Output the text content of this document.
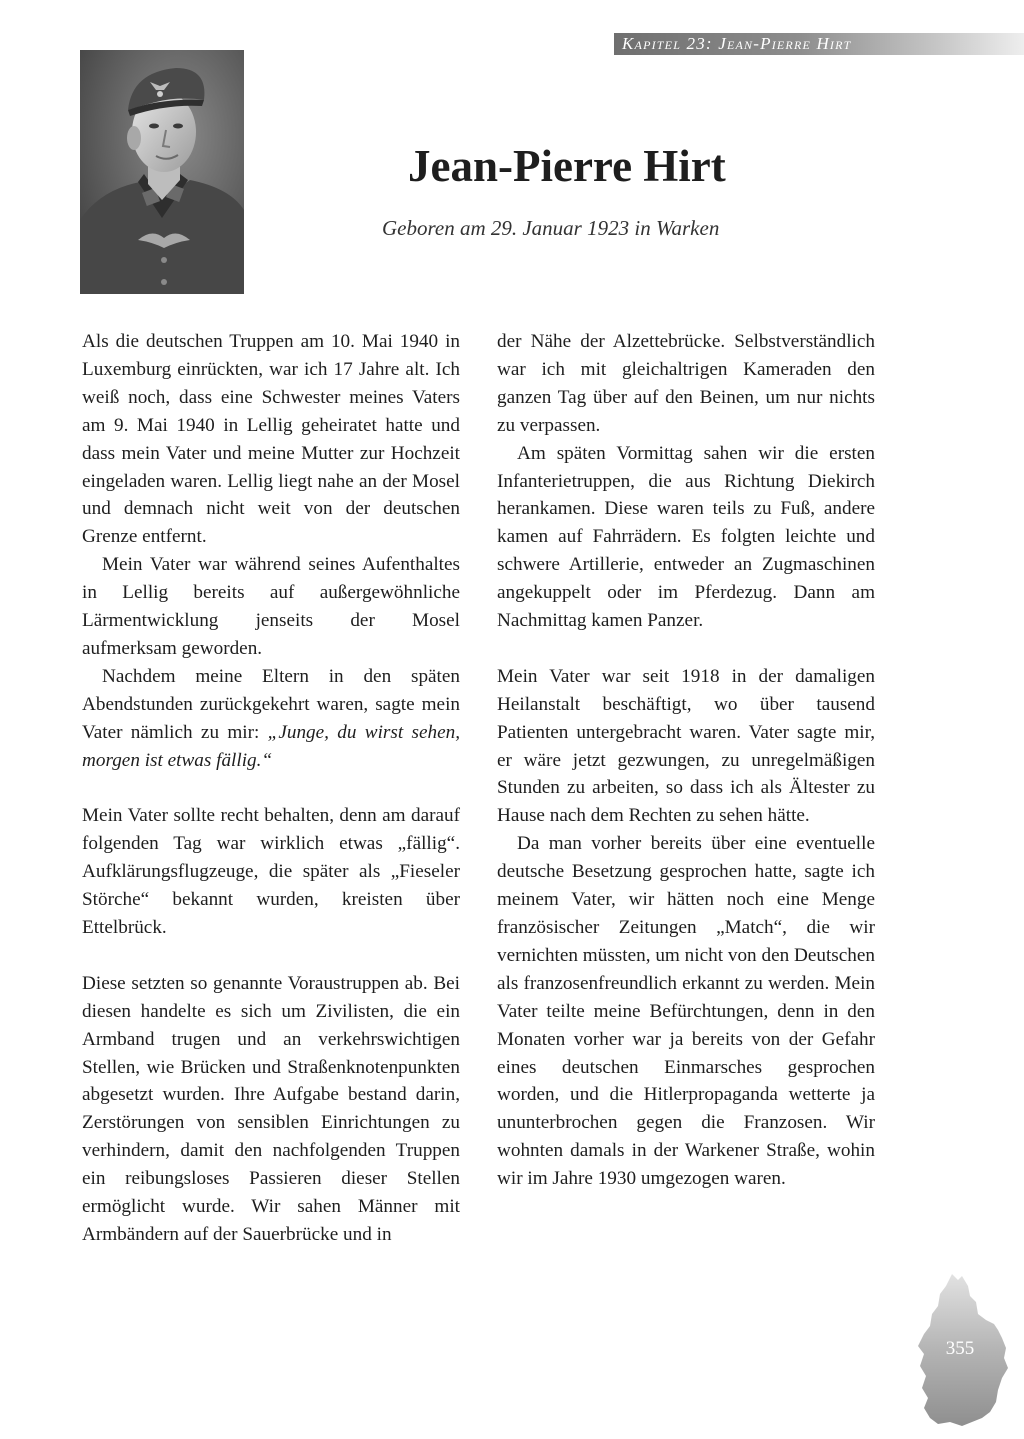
Kapitel 23: Jean-Pierre Hirt
Jean-Pierre Hirt
Geboren am 29. Januar 1923 in Warken

Als die deutschen Truppen am 10. Mai 1940 in Luxemburg einrückten, war ich 17 Jahre alt. Ich weiß noch, dass eine Schwester meines Vaters am 9. Mai 1940 in Lellig geheiratet hatte und dass mein Vater und meine Mutter zur Hochzeit eingeladen waren. Lellig liegt nahe an der Mosel und demnach nicht weit von der deutschen Grenze entfernt.

Mein Vater war während seines Aufenthaltes in Lellig bereits auf außergewöhnliche Lärmentwicklung jenseits der Mosel aufmerksam geworden.

Nachdem meine Eltern in den späten Abendstunden zurückgekehrt waren, sagte mein Vater nämlich zu mir: „Junge, du wirst sehen, morgen ist etwas fällig.“

Mein Vater sollte recht behalten, denn am darauf folgenden Tag war wirklich etwas „fällig“. Aufklärungsflugzeuge, die später als „Fieseler Störche“ bekannt wurden, kreisten über Ettelbrück.

Diese setzten so genannte Voraustruppen ab. Bei diesen handelte es sich um Zivilisten, die ein Armband trugen und an verkehrswichtigen Stellen, wie Brücken und Straßenknotenpunkten abgesetzt wurden. Ihre Aufgabe bestand darin, Zerstörungen von sensiblen Einrichtungen zu verhindern, damit den nachfolgenden Truppen ein reibungsloses Passieren dieser Stellen ermöglicht wurde. Wir sahen Männer mit Armbändern auf der Sauerbrücke und in

der Nähe der Alzettebrücke. Selbstverständlich war ich mit gleichaltrigen Kameraden den ganzen Tag über auf den Beinen, um nur nichts zu verpassen.

Am späten Vormittag sahen wir die ersten Infanterietruppen, die aus Richtung Diekirch herankamen. Diese waren teils zu Fuß, andere kamen auf Fahrrädern. Es folgten leichte und schwere Artillerie, entweder an Zugmaschinen angekuppelt oder im Pferdezug. Dann am Nachmittag kamen Panzer.

Mein Vater war seit 1918 in der damaligen Heilanstalt beschäftigt, wo über tausend Patienten untergebracht waren. Vater sagte mir, er wäre jetzt gezwungen, zu unregelmäßigen Stunden zu arbeiten, so dass ich als Ältester zu Hause nach dem Rechten zu sehen hätte.

Da man vorher bereits über eine eventuelle deutsche Besetzung gesprochen hatte, sagte ich meinem Vater, wir hätten noch eine Menge französischer Zeitungen „Match“, die wir vernichten müssten, um nicht von den Deutschen als franzosenfreundlich erkannt zu werden. Mein Vater teilte meine Befürchtungen, denn in den Monaten vorher war ja bereits von der Gefahr eines deutschen Einmarsches gesprochen worden, und die Hitlerpropaganda wetterte ja ununterbrochen gegen die Franzosen. Wir wohnten damals in der Warkener Straße, wohin wir im Jahre 1930 umgezogen waren.

355
